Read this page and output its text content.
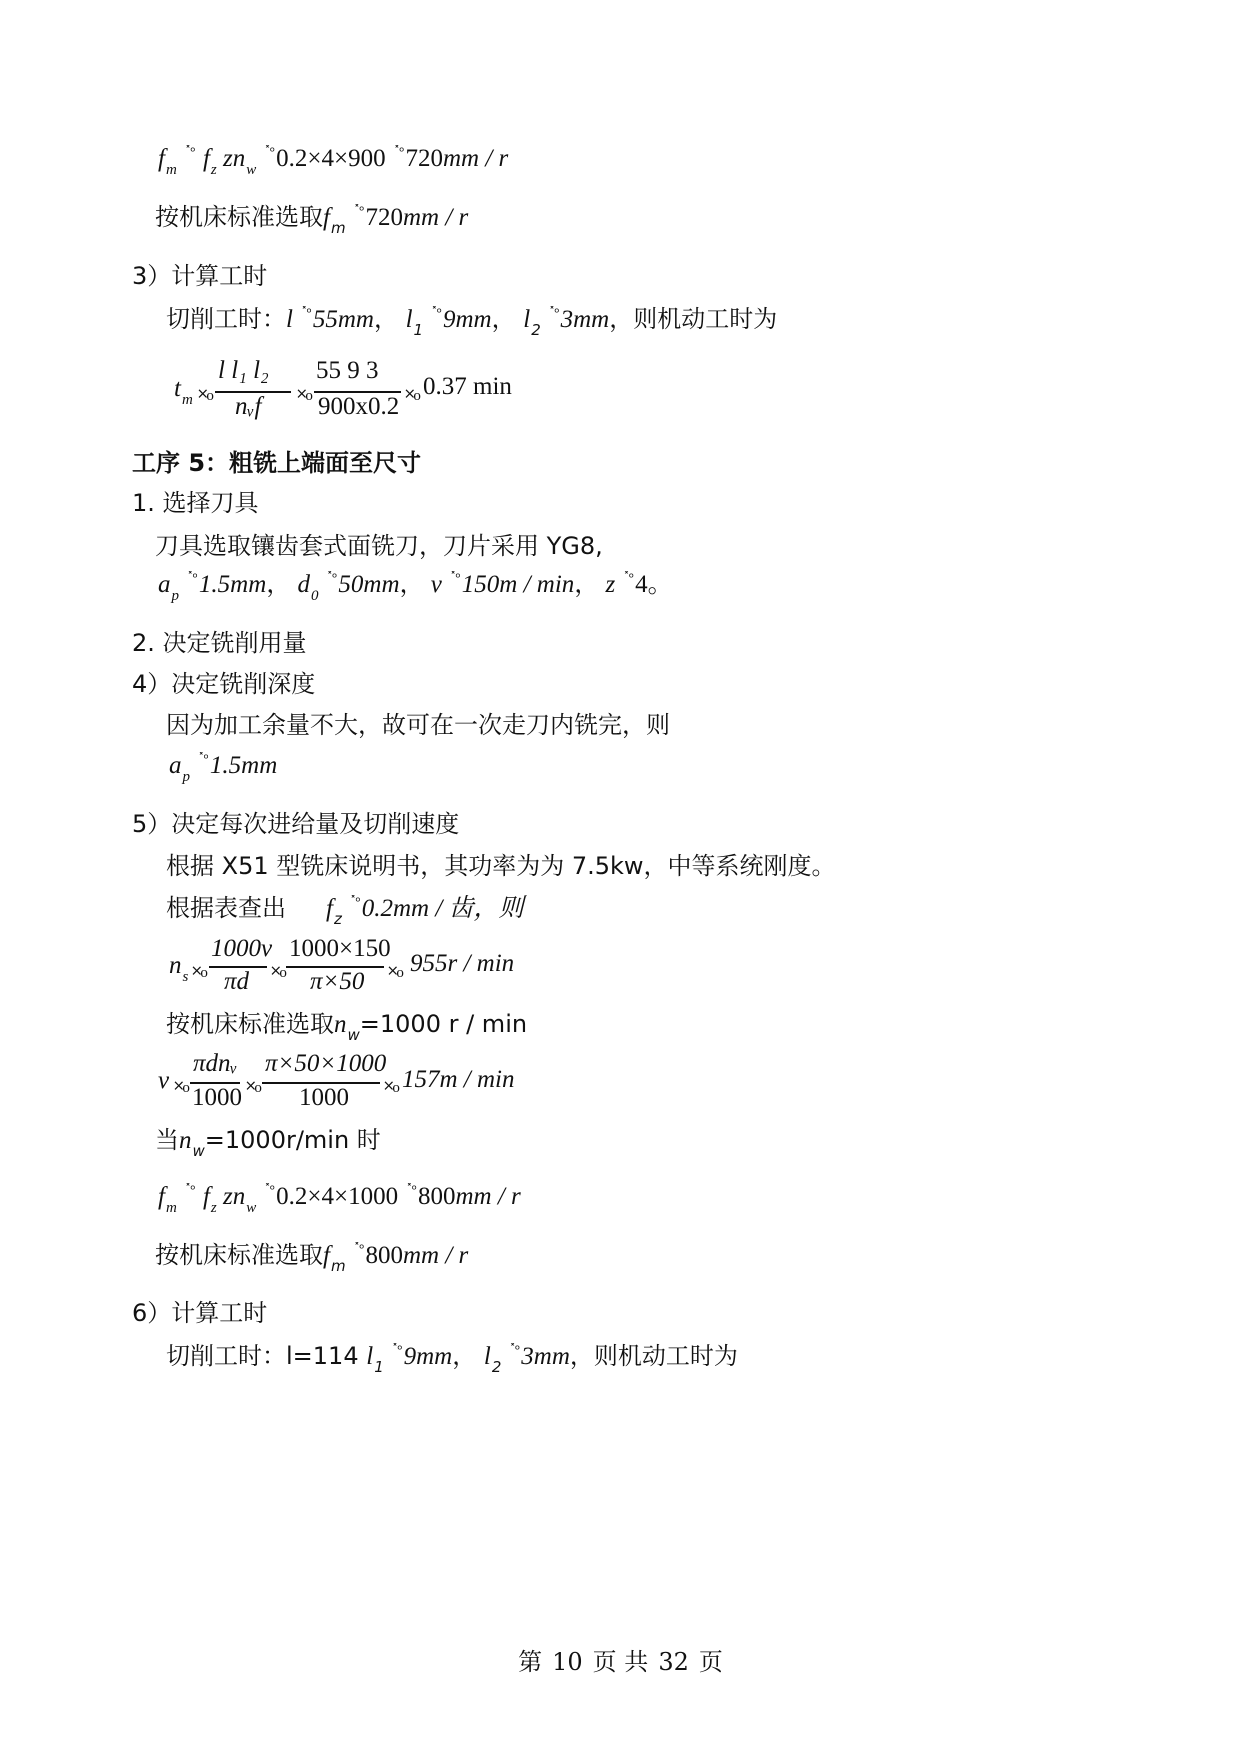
$f_m^{˟ᵒ}$ $f_z$ $zn_w^{˟ᵒ}0.2\times 4\times 900$ $^{˟ᵒ}$720mm / r
按机床标准选取$f_m^{˟ᵒ}720mm$ / r
3）计算工时
切削工时：l $^{˟ᵒ}$55mm， $l_1^{˟ᵒ}9mm$， $l_2^{˟ᵒ}3mm$，则机动工时为
$t_m$ ˟ᵒ
l l₁ l₂
nᵥf ˟ᵒ
55 9 3
900x0.2 ˟ᵒ 0.37 min
工序 5：粗铣上端面至尺寸
1. 选择刀具
刀具选取镶齿套式面铣刀，刀片采用 YG8,
$a_p^{˟ᵒ}1.5mm$， $d_0^{˟ᵒ}50mm$， v $^{˟ᵒ}$150m / min， z $^{˟ᵒ}$4。
2. 决定铣削用量
4）决定铣削深度
因为加工余量不大，故可在一次走刀内铣完，则
$a_p^{˟ᵒ}1.5mm$
5）决定每次进给量及切削速度
根据 X51 型铣床说明书，其功率为为 7.5kw，中等系统刚度。
根据表查出 $f_z^{˟ᵒ}0.2mm$ / 齿，则
$n_s$ ˟ᵒ
1000v
πd ˟ᵒ
1000×150
π×50 ˟ᵒ 955r / min
按机床标准选取$n_w=1000$ r / min
v ˟ᵒ
πdnᵥ
1000 ˟ᵒ
π×50×1000
1000 ˟ᵒ 157m / min
当$n_w=1000r/\min$ 时
$f_m^{˟ᵒ}$ $f_z$ $zn_w^{˟ᵒ}0.2\times 4\times 1000$ $^{˟ᵒ}$800mm / r
按机床标准选取$f_m^{˟ᵒ}800mm$ / r
6）计算工时
切削工时：l=114 $l_1^{˟ᵒ}9mm$， $l_2^{˟ᵒ}3mm$，则机动工时为
第 10 页 共 32 页
